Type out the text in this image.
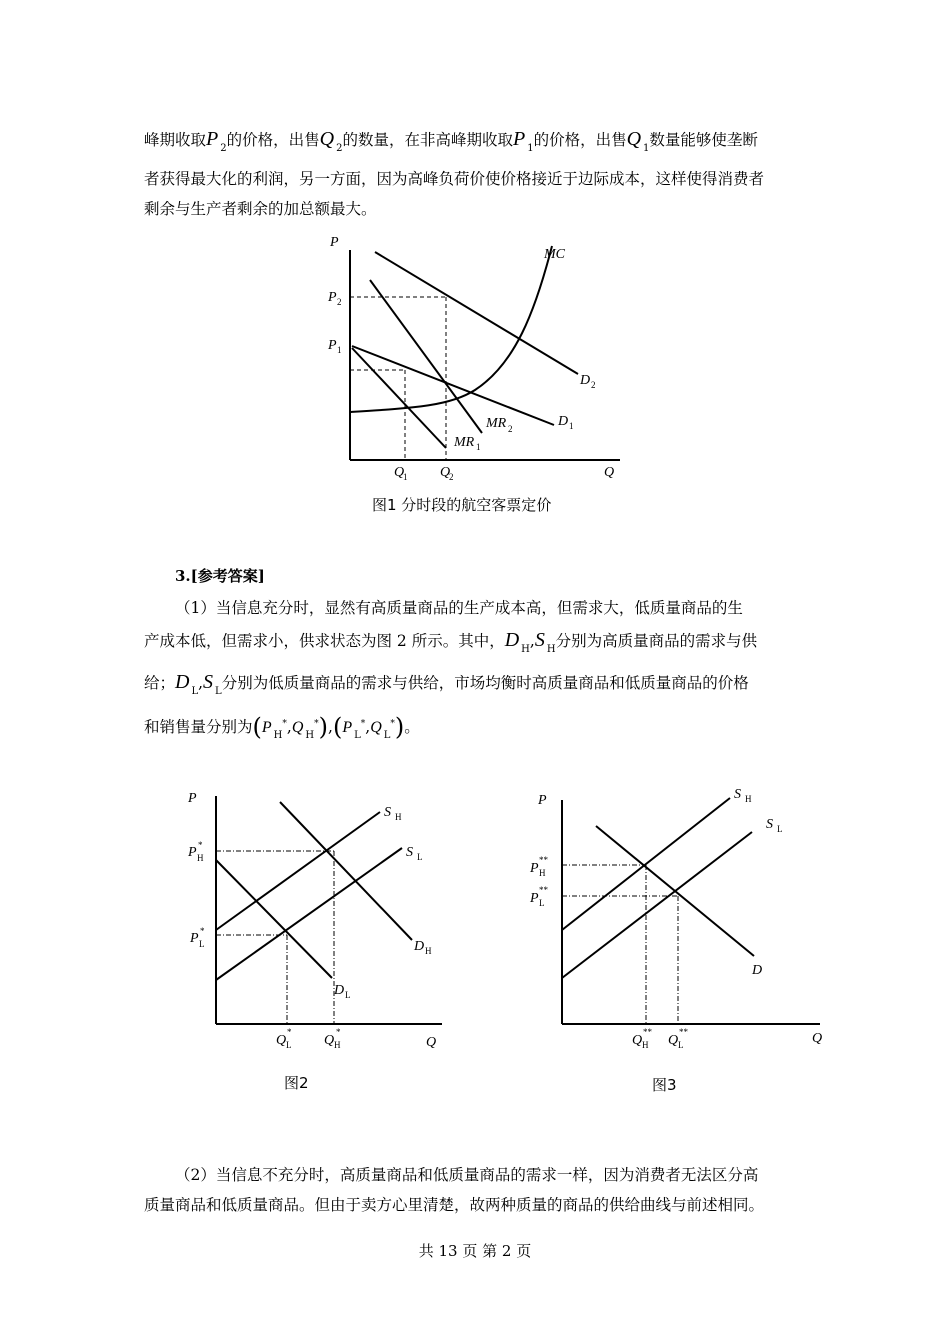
峰期收取P $_2$的价格，出售Q $_2$的数量，在非高峰期收取P $_1$的价格，出售Q $_1$数量能够使垄断
者获得最大化的利润，另一方面，因为高峰负荷价使价格接近于边际成本，这样使得消费者
剩余与生产者剩余的加总额最大。

P
P 2
P 1
MC
D 2
D 1
MR 2
MR 1
Q
1 Q
2	Q
图1 分时段的航空客票定价

3.[参考答案]

（1）当信息充分时，显然有高质量商品的生产成本高，但需求大，低质量商品的生
产成本低，但需求小，供求状态为图 2 所示。其中，D $_H$,S $_H$分别为高质量商品的需求与供
给；D $_L$,S $_L$分别为低质量商品的需求与供给，市场均衡时高质量商品和低质量商品的价格
和销售量分别为(P $_H$*,Q $_H$*),(P $_L$*,Q $_L$*)。

P
S H
S L
P H
*
P L
*
D H
D L
Q L
*
Q H
*
Q
图2
P	S H
S L
P H
**
P L
**
D
Q H
**
Q L
**	Q
图3

（2）当信息不充分时，高质量商品和低质量商品的需求一样，因为消费者无法区分高
质量商品和低质量商品。但由于卖方心里清楚，故两种质量的商品的供给曲线与前述相同。

共 13 页 第 2 页
